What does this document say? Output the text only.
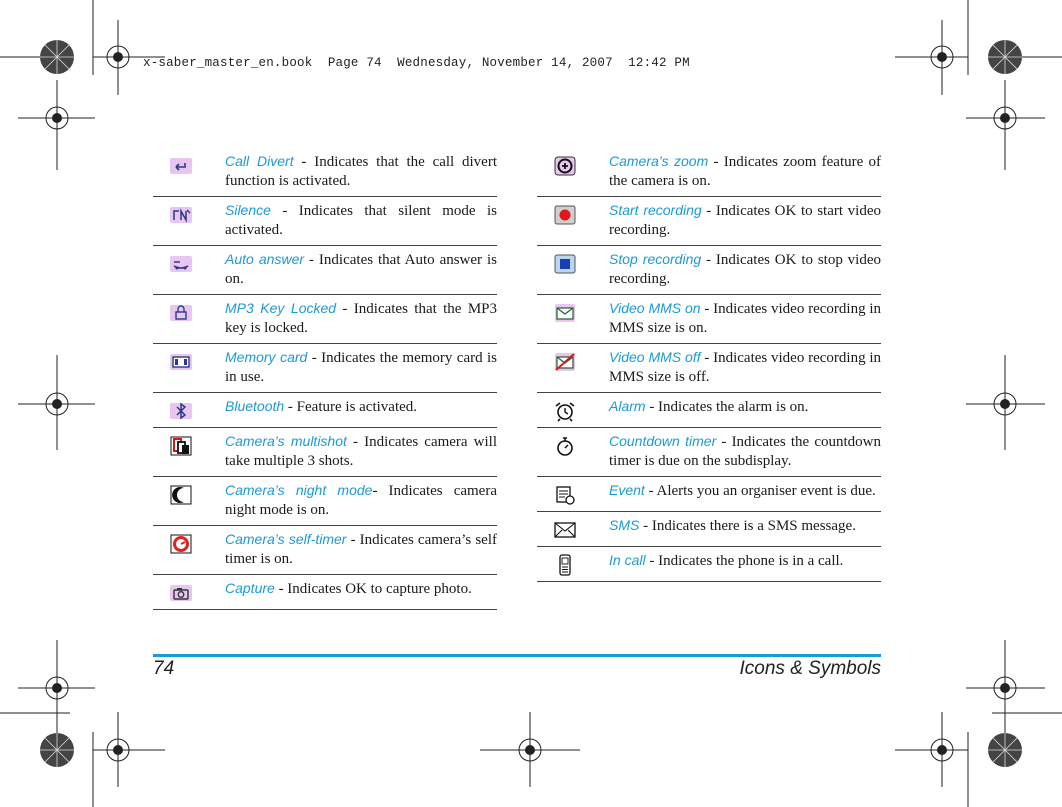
x-saber_master_en.book  Page 74  Wednesday, November 14, 2007  12:42 PM
Call Divert - Indicates that the call divert function is activated.
Silence - Indicates that silent mode is activated.
Auto answer - Indicates that Auto answer is on.
MP3 Key Locked - Indicates that the MP3 key is locked.
Memory card - Indicates the memory card is in use.
Bluetooth - Feature is activated.
Camera’s multishot - Indicates camera will take multiple 3 shots.
Camera’s night mode- Indicates camera night mode is on.
Camera’s self-timer - Indicates camera’s self timer is on.
Capture - Indicates OK to capture photo.
Camera’s zoom - Indicates zoom feature of the camera is on.
Start recording - Indicates OK to start video recording.
Stop recording - Indicates OK to stop video recording.
Video MMS on - Indicates video recording in MMS size is on.
Video MMS off - Indicates video recording in MMS size is off.
Alarm - Indicates the alarm is on.
Countdown timer - Indicates the countdown timer is due on the subdisplay.
Event - Alerts you an organiser event is due.
SMS - Indicates there is a SMS message.
In call - Indicates the phone is in a call.
74	Icons & Symbols
